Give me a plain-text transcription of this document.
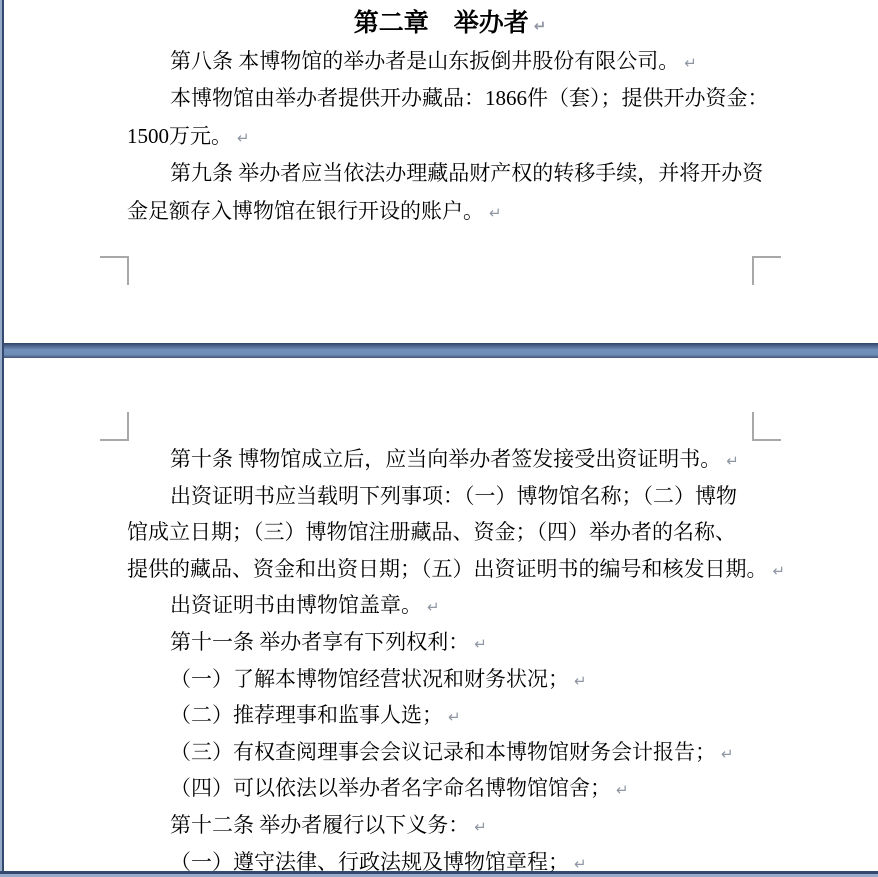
第二章　举办者 ↵
第八条 本博物馆的举办者是山东扳倒井股份有限公司。 ↵
本博物馆由举办者提供开办藏品：1866件（套）；提供开办资金：
1500万元。 ↵
第九条 举办者应当依法办理藏品财产权的转移手续，并将开办资
金足额存入博物馆在银行开设的账户。 ↵
第十条 博物馆成立后，应当向举办者签发接受出资证明书。 ↵
出资证明书应当载明下列事项：（一）博物馆名称；（二）博物
馆成立日期；（三）博物馆注册藏品、资金；（四）举办者的名称、
提供的藏品、资金和出资日期；（五）出资证明书的编号和核发日期。 ↵
出资证明书由博物馆盖章。 ↵
第十一条 举办者享有下列权利： ↵
（一）了解本博物馆经营状况和财务状况； ↵
（二）推荐理事和监事人选； ↵
（三）有权查阅理事会会议记录和本博物馆财务会计报告； ↵
（四）可以依法以举办者名字命名博物馆馆舍； ↵
第十二条 举办者履行以下义务： ↵
（一）遵守法律、行政法规及博物馆章程； ↵
